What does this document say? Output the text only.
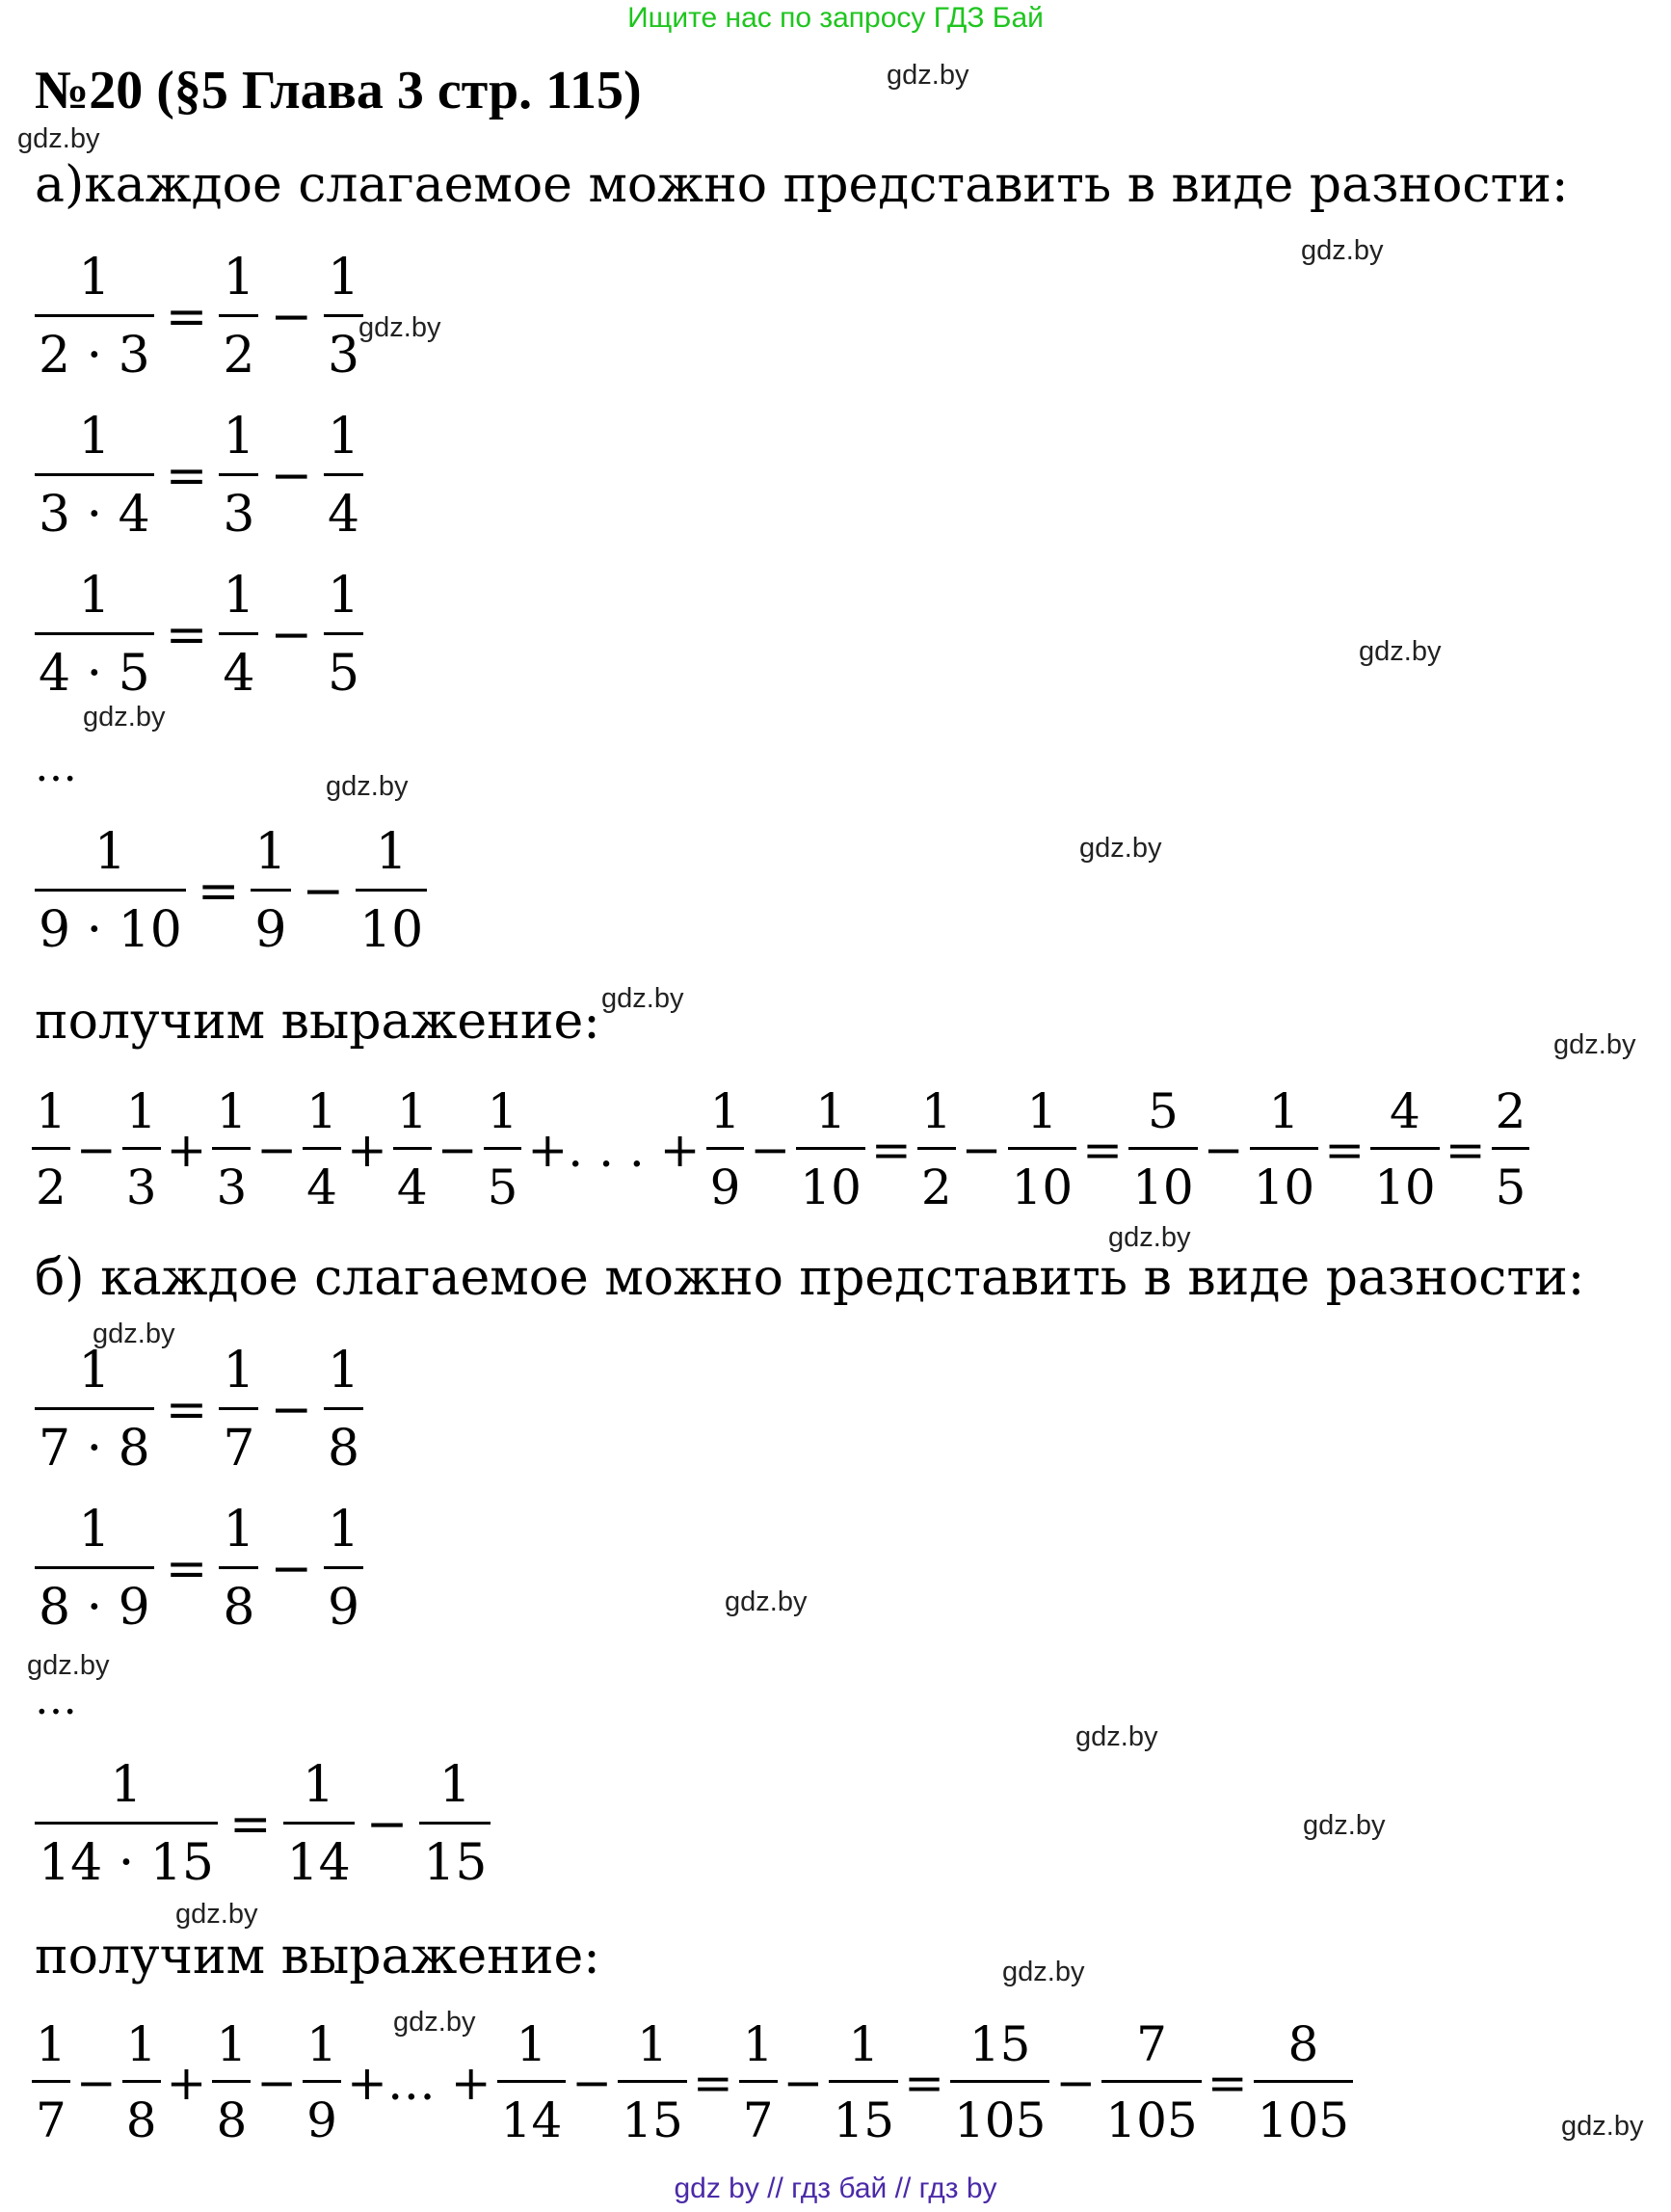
Ищите нас по запросу ГДЗ Бай
№20 (§5 Глава 3 стр. 115)	gdz.by
gdz.by
gdz.by
gdz.by
gdz.by
gdz.by
gdz.by
gdz.by
gdz.by
gdz.by
gdz.by
gdz.by
gdz.by
gdz.by
gdz.by
gdz.by
gdz.by
gdz.by
gdz.by
gdz.by
а)каждое слагаемое можно представить в виде разности:
$\frac{1}{2 \cdot 3} = \frac{1}{2} - \frac{1}{3}$
$\frac{1}{3 \cdot 4} = \frac{1}{3} - \frac{1}{4}$
$\frac{1}{4 \cdot 5} = \frac{1}{4} - \frac{1}{5}$
…
$\frac{1}{9 \cdot 10} = \frac{1}{9} - \frac{1}{10}$
получим выражение:
$\frac{1}{2} - \frac{1}{3} + \frac{1}{3} - \frac{1}{4} + \frac{1}{4} - \frac{1}{5}$ +. . . + $\frac{1}{9} - \frac{1}{10} = \frac{1}{2} - \frac{1}{10} = \frac{5}{10} - \frac{1}{10} = \frac{4}{10} = \frac{2}{5}$
б) каждое слагаемое можно представить в виде разности:
$\frac{1}{7 \cdot 8} = \frac{1}{7} - \frac{1}{8}$
$\frac{1}{8 \cdot 9} = \frac{1}{8} - \frac{1}{9}$
…
$\frac{1}{14 \cdot 15} = \frac{1}{14} - \frac{1}{15}$
получим выражение:
$\frac{1}{7} - \frac{1}{8} + \frac{1}{8} - \frac{1}{9}$ +… + $\frac{1}{14} - \frac{1}{15} = \frac{1}{7} - \frac{1}{15} = \frac{15}{105} - \frac{7}{105} = \frac{8}{105}$
gdz by // гдз бай // гдз by
